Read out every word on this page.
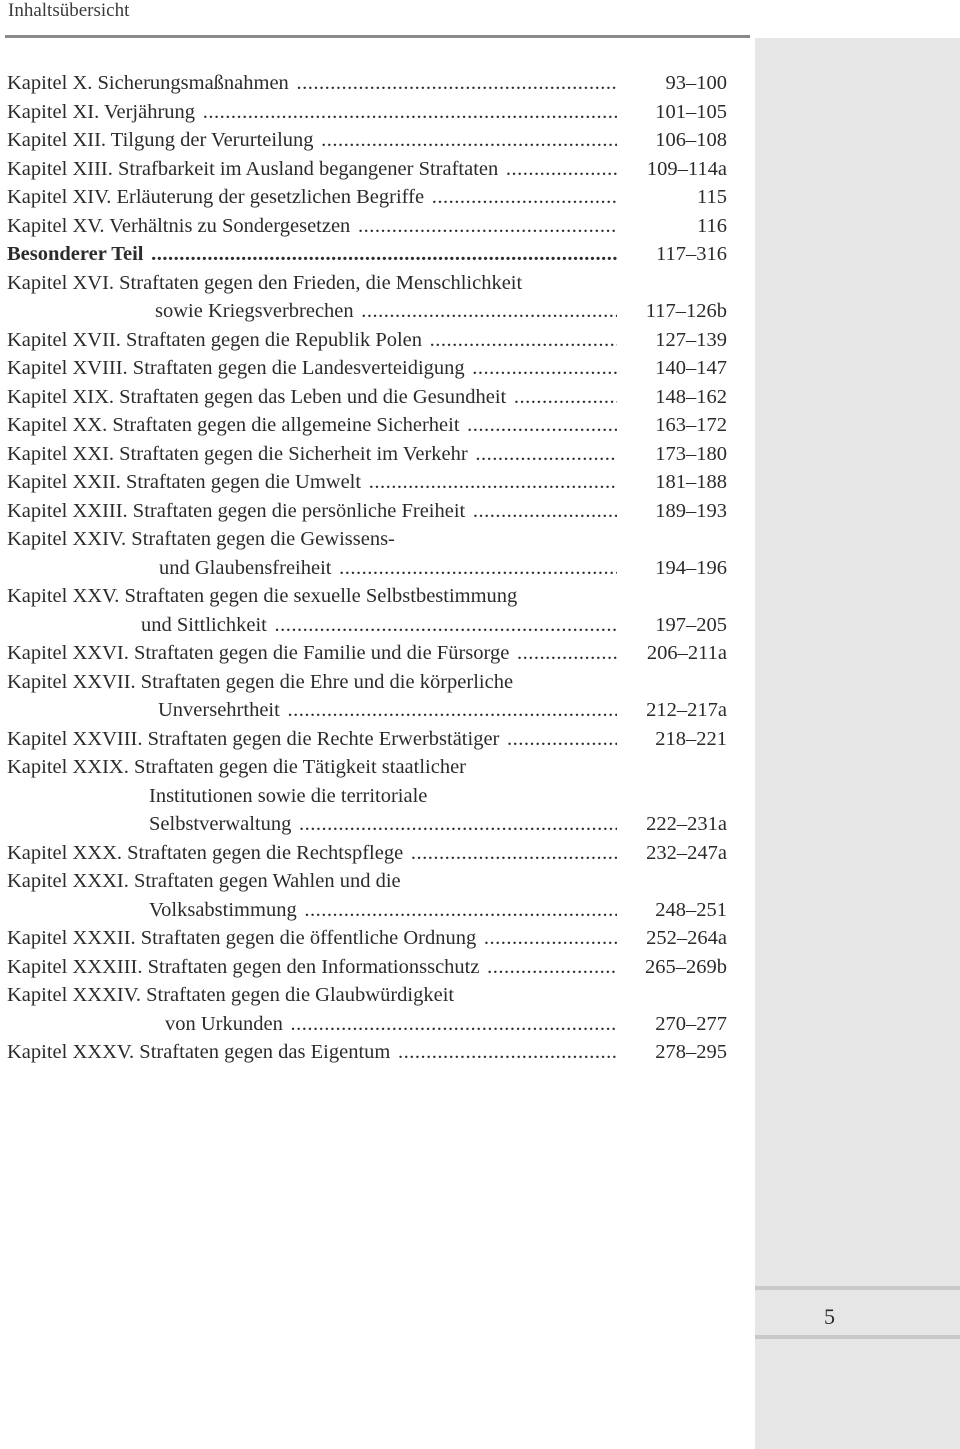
Inhaltsübersicht
5
Kapitel X. Sicherungsmaßnahmen .....	93–100
Kapitel XI. Verjährung .....	101–105
Kapitel XII. Tilgung der Verurteilung .....	106–108
Kapitel XIII. Strafbarkeit im Ausland begangener Straftaten .....	109–114a
Kapitel XIV. Erläuterung der gesetzlichen Begriffe .....	115
Kapitel XV. Verhältnis zu Sondergesetzen .....	116
Besonderer Teil .....	117–316
Kapitel XVI. Straftaten gegen den Frieden, die Menschlichkeit
sowie Kriegsverbrechen .....	117–126b
Kapitel XVII. Straftaten gegen die Republik Polen .....	127–139
Kapitel XVIII. Straftaten gegen die Landesverteidigung .....	140–147
Kapitel XIX. Straftaten gegen das Leben und die Gesundheit .....	148–162
Kapitel XX. Straftaten gegen die allgemeine Sicherheit .....	163–172
Kapitel XXI. Straftaten gegen die Sicherheit im Verkehr .....	173–180
Kapitel XXII. Straftaten gegen die Umwelt .....	181–188
Kapitel XXIII. Straftaten gegen die persönliche Freiheit .....	189–193
Kapitel XXIV. Straftaten gegen die Gewissens-
und Glaubensfreiheit .....	194–196
Kapitel XXV. Straftaten gegen die sexuelle Selbstbestimmung
und Sittlichkeit .....	197–205
Kapitel XXVI. Straftaten gegen die Familie und die Fürsorge .....	206–211a
Kapitel XXVII. Straftaten gegen die Ehre und die körperliche
Unversehrtheit .....	212–217a
Kapitel XXVIII. Straftaten gegen die Rechte Erwerbstätiger .....	218–221
Kapitel XXIX. Straftaten gegen die Tätigkeit staatlicher
Institutionen sowie die territoriale
Selbstverwaltung .....	222–231a
Kapitel XXX. Straftaten gegen die Rechtspflege .....	232–247a
Kapitel XXXI. Straftaten gegen Wahlen und die
Volksabstimmung .....	248–251
Kapitel XXXII. Straftaten gegen die öffentliche Ordnung .....	252–264a
Kapitel XXXIII. Straftaten gegen den Informationsschutz .....	265–269b
Kapitel XXXIV. Straftaten gegen die Glaubwürdigkeit
von Urkunden .....	270–277
Kapitel XXXV. Straftaten gegen das Eigentum .....	278–295
